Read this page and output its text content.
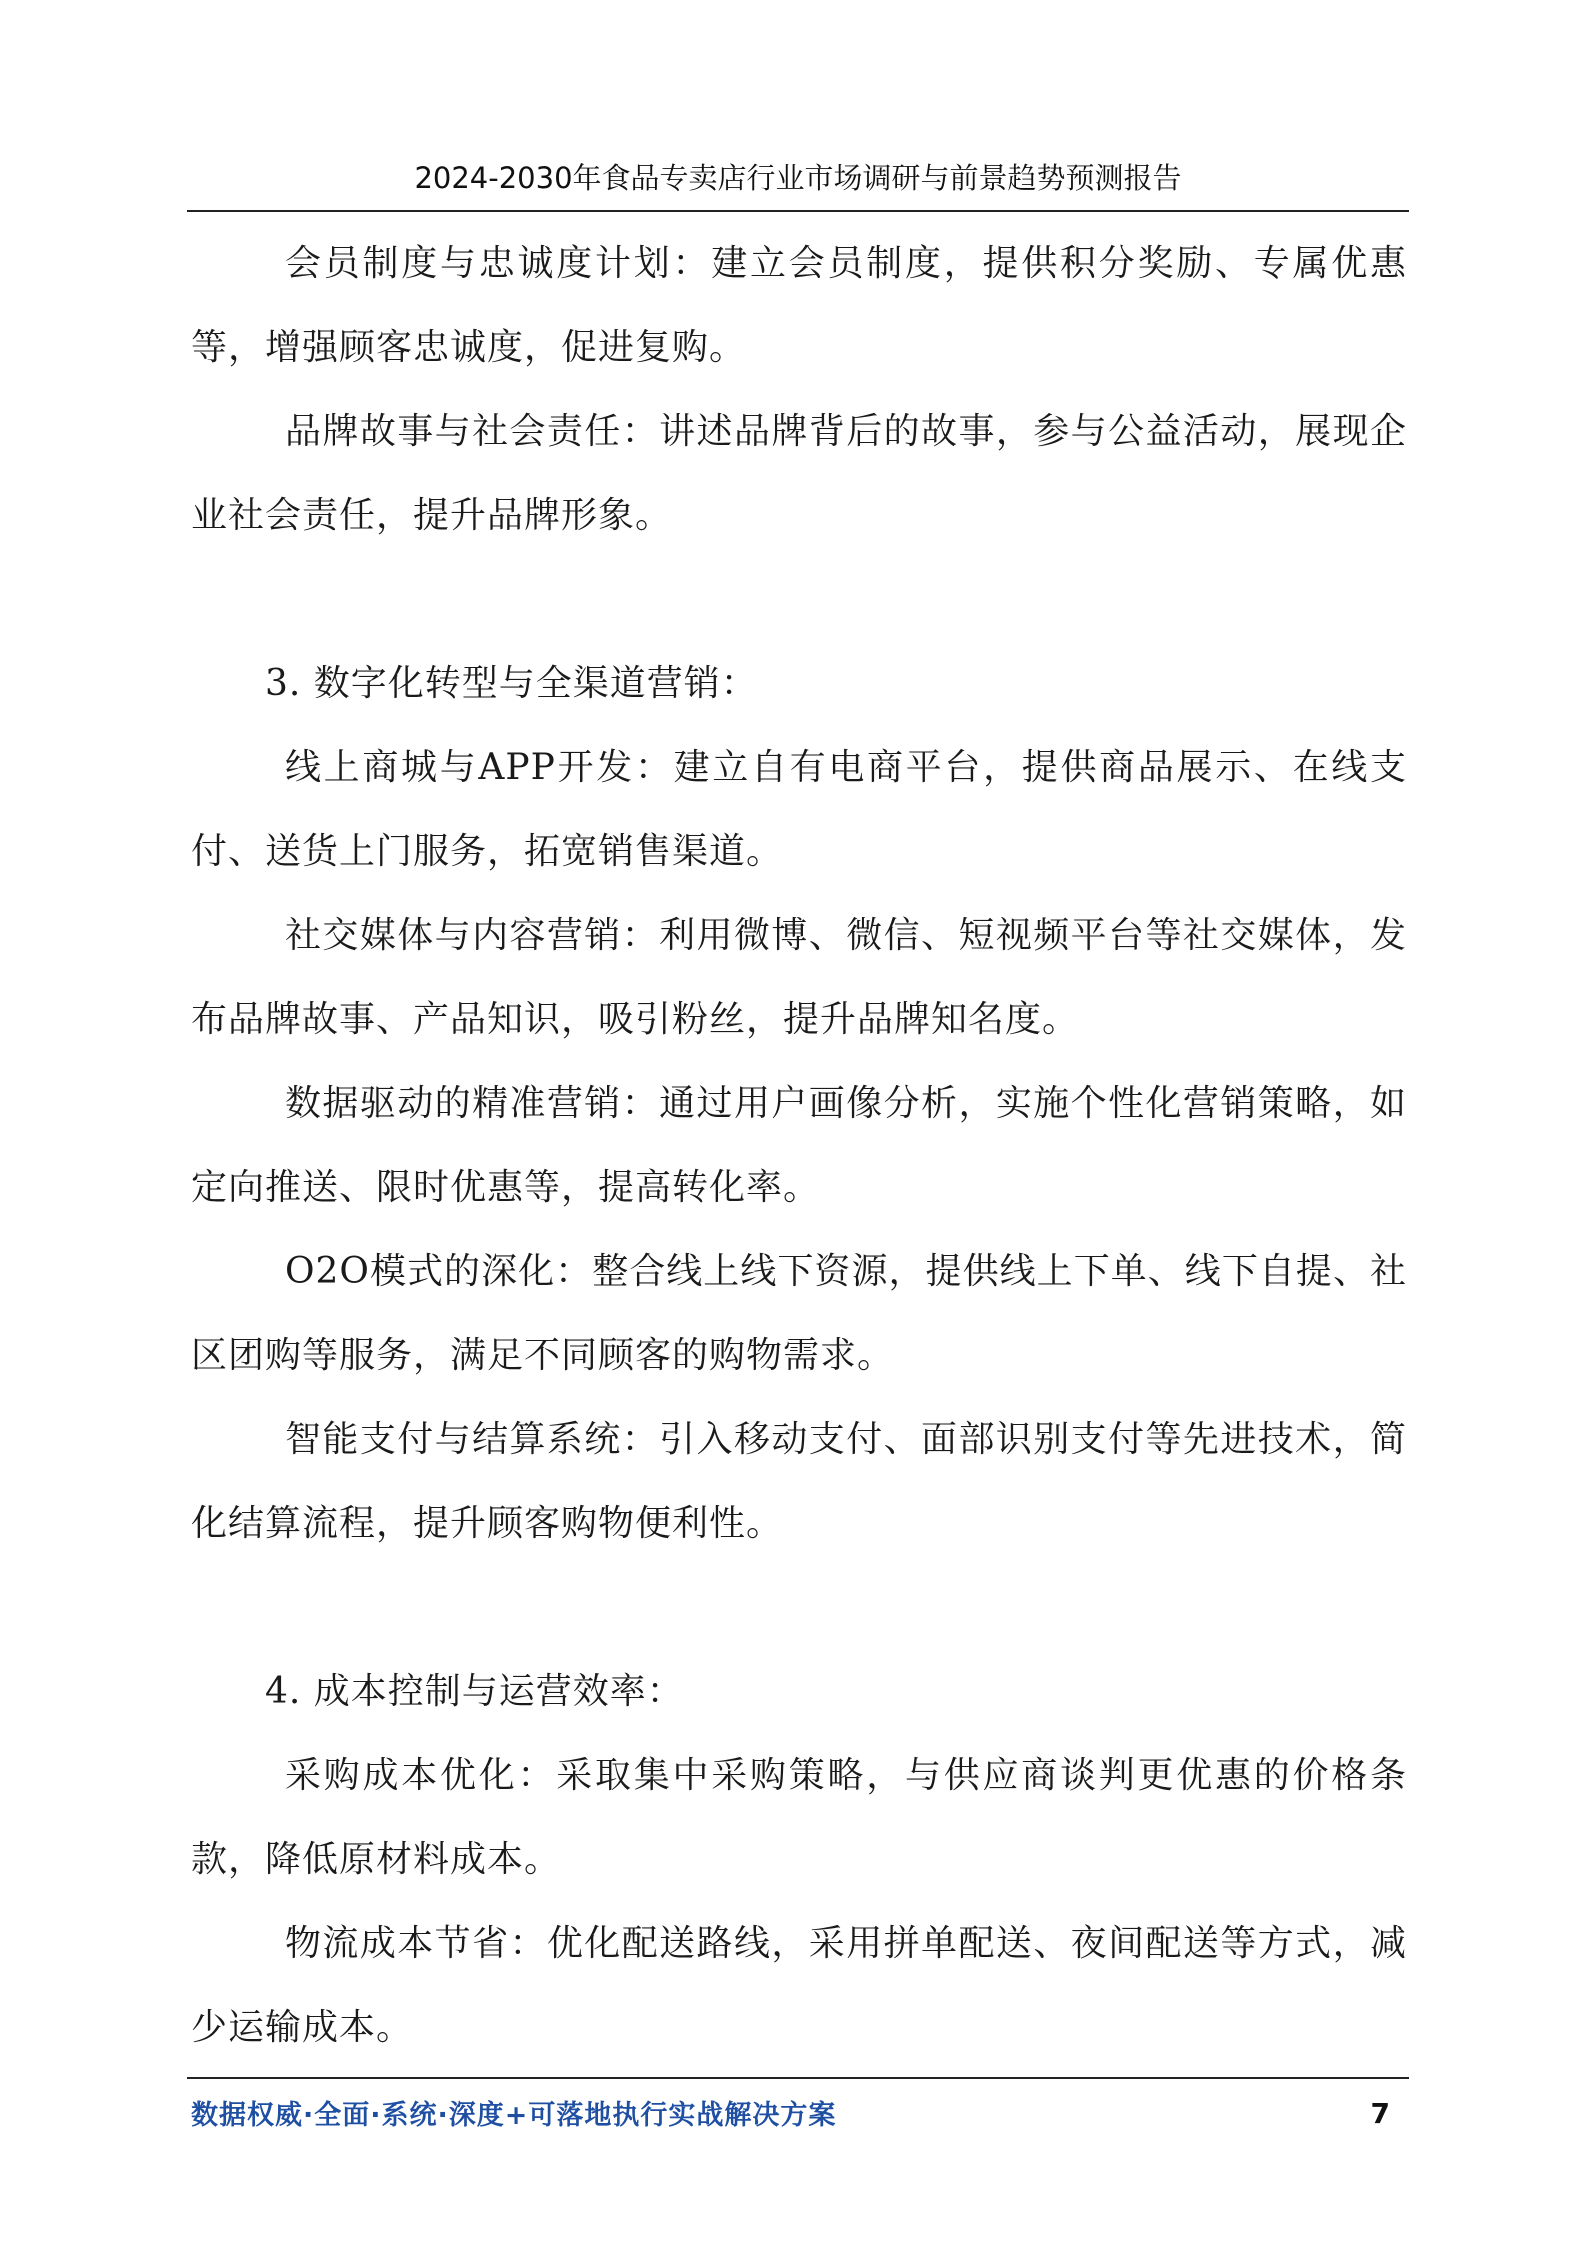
2024-2030年食品专卖店行业市场调研与前景趋势预测报告

会员制度与忠诚度计划：建立会员制度，提供积分奖励、专属优惠等，增强顾客忠诚度，促进复购。

品牌故事与社会责任：讲述品牌背后的故事，参与公益活动，展现企业社会责任，提升品牌形象。

3. 数字化转型与全渠道营销：

线上商城与APP开发：建立自有电商平台，提供商品展示、在线支付、送货上门服务，拓宽销售渠道。

社交媒体与内容营销：利用微博、微信、短视频平台等社交媒体，发布品牌故事、产品知识，吸引粉丝，提升品牌知名度。

数据驱动的精准营销：通过用户画像分析，实施个性化营销策略，如定向推送、限时优惠等，提高转化率。

O2O模式的深化：整合线上线下资源，提供线上下单、线下自提、社区团购等服务，满足不同顾客的购物需求。

智能支付与结算系统：引入移动支付、面部识别支付等先进技术，简化结算流程，提升顾客购物便利性。

4. 成本控制与运营效率：

采购成本优化：采取集中采购策略，与供应商谈判更优惠的价格条款，降低原材料成本。

物流成本节省：优化配送路线，采用拼单配送、夜间配送等方式，减少运输成本。

数据权威·全面·系统·深度+可落地执行实战解决方案	7
